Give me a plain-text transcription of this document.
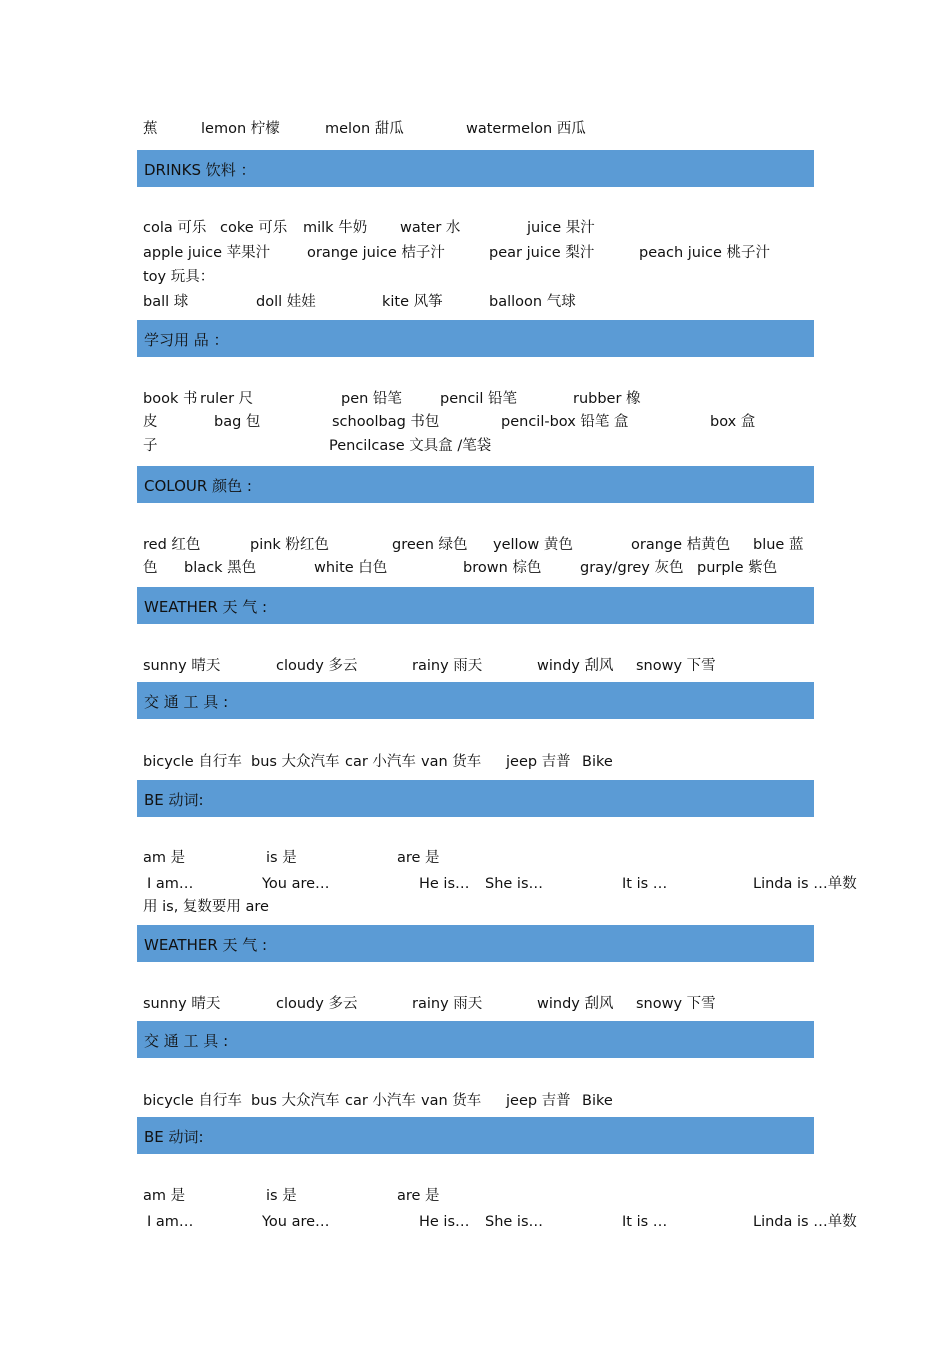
蕉	lemon 柠檬	melon 甜瓜	watermelon 西瓜
DRINKS 饮料 ：
cola 可乐 coke 可乐 milk 牛奶 water 水	juice 果汁
apple juice 苹果汁	orange juice 桔子汁	pear juice 梨汁	peach juice 桃子汁
toy 玩具：
ball 球	doll 娃娃	kite 风筝	balloon 气球
学习用 品 ：
book 书 ruler 尺	pen 铅笔	pencil 铅笔	rubber 橡
皮	bag 包	schoolbag 书包	pencil-box 铅笔 盒	box 盒
子	Pencilcase 文具盒 /笔袋
COLOUR 颜色 :
red 红色	pink 粉红色	green 绿色 yellow 黄色	orange 桔黄色 blue 蓝
色 black 黑色	white 白色	brown 棕色	gray/grey 灰色 purple 紫色
WEATHER 天 气 :
sunny 晴天	cloudy 多云	rainy 雨天	windy 刮风 snowy 下雪
交 通 工 具 :
bicycle 自行车 bus 大众汽车 car 小汽车 van 货车 jeep 吉普 Bike
BE 动词:
am 是	is 是	are 是
I am…	You are…	He is… She is…	It is …	Linda is …单数
用 is, 复数要用 are
WEATHER 天 气 :
sunny 晴天	cloudy 多云	rainy 雨天	windy 刮风 snowy 下雪
交 通 工 具 :
bicycle 自行车 bus 大众汽车 car 小汽车 van 货车 jeep 吉普 Bike
BE 动词:
am 是	is 是	are 是
I am…	You are…	He is… She is…	It is …	Linda is …单数
